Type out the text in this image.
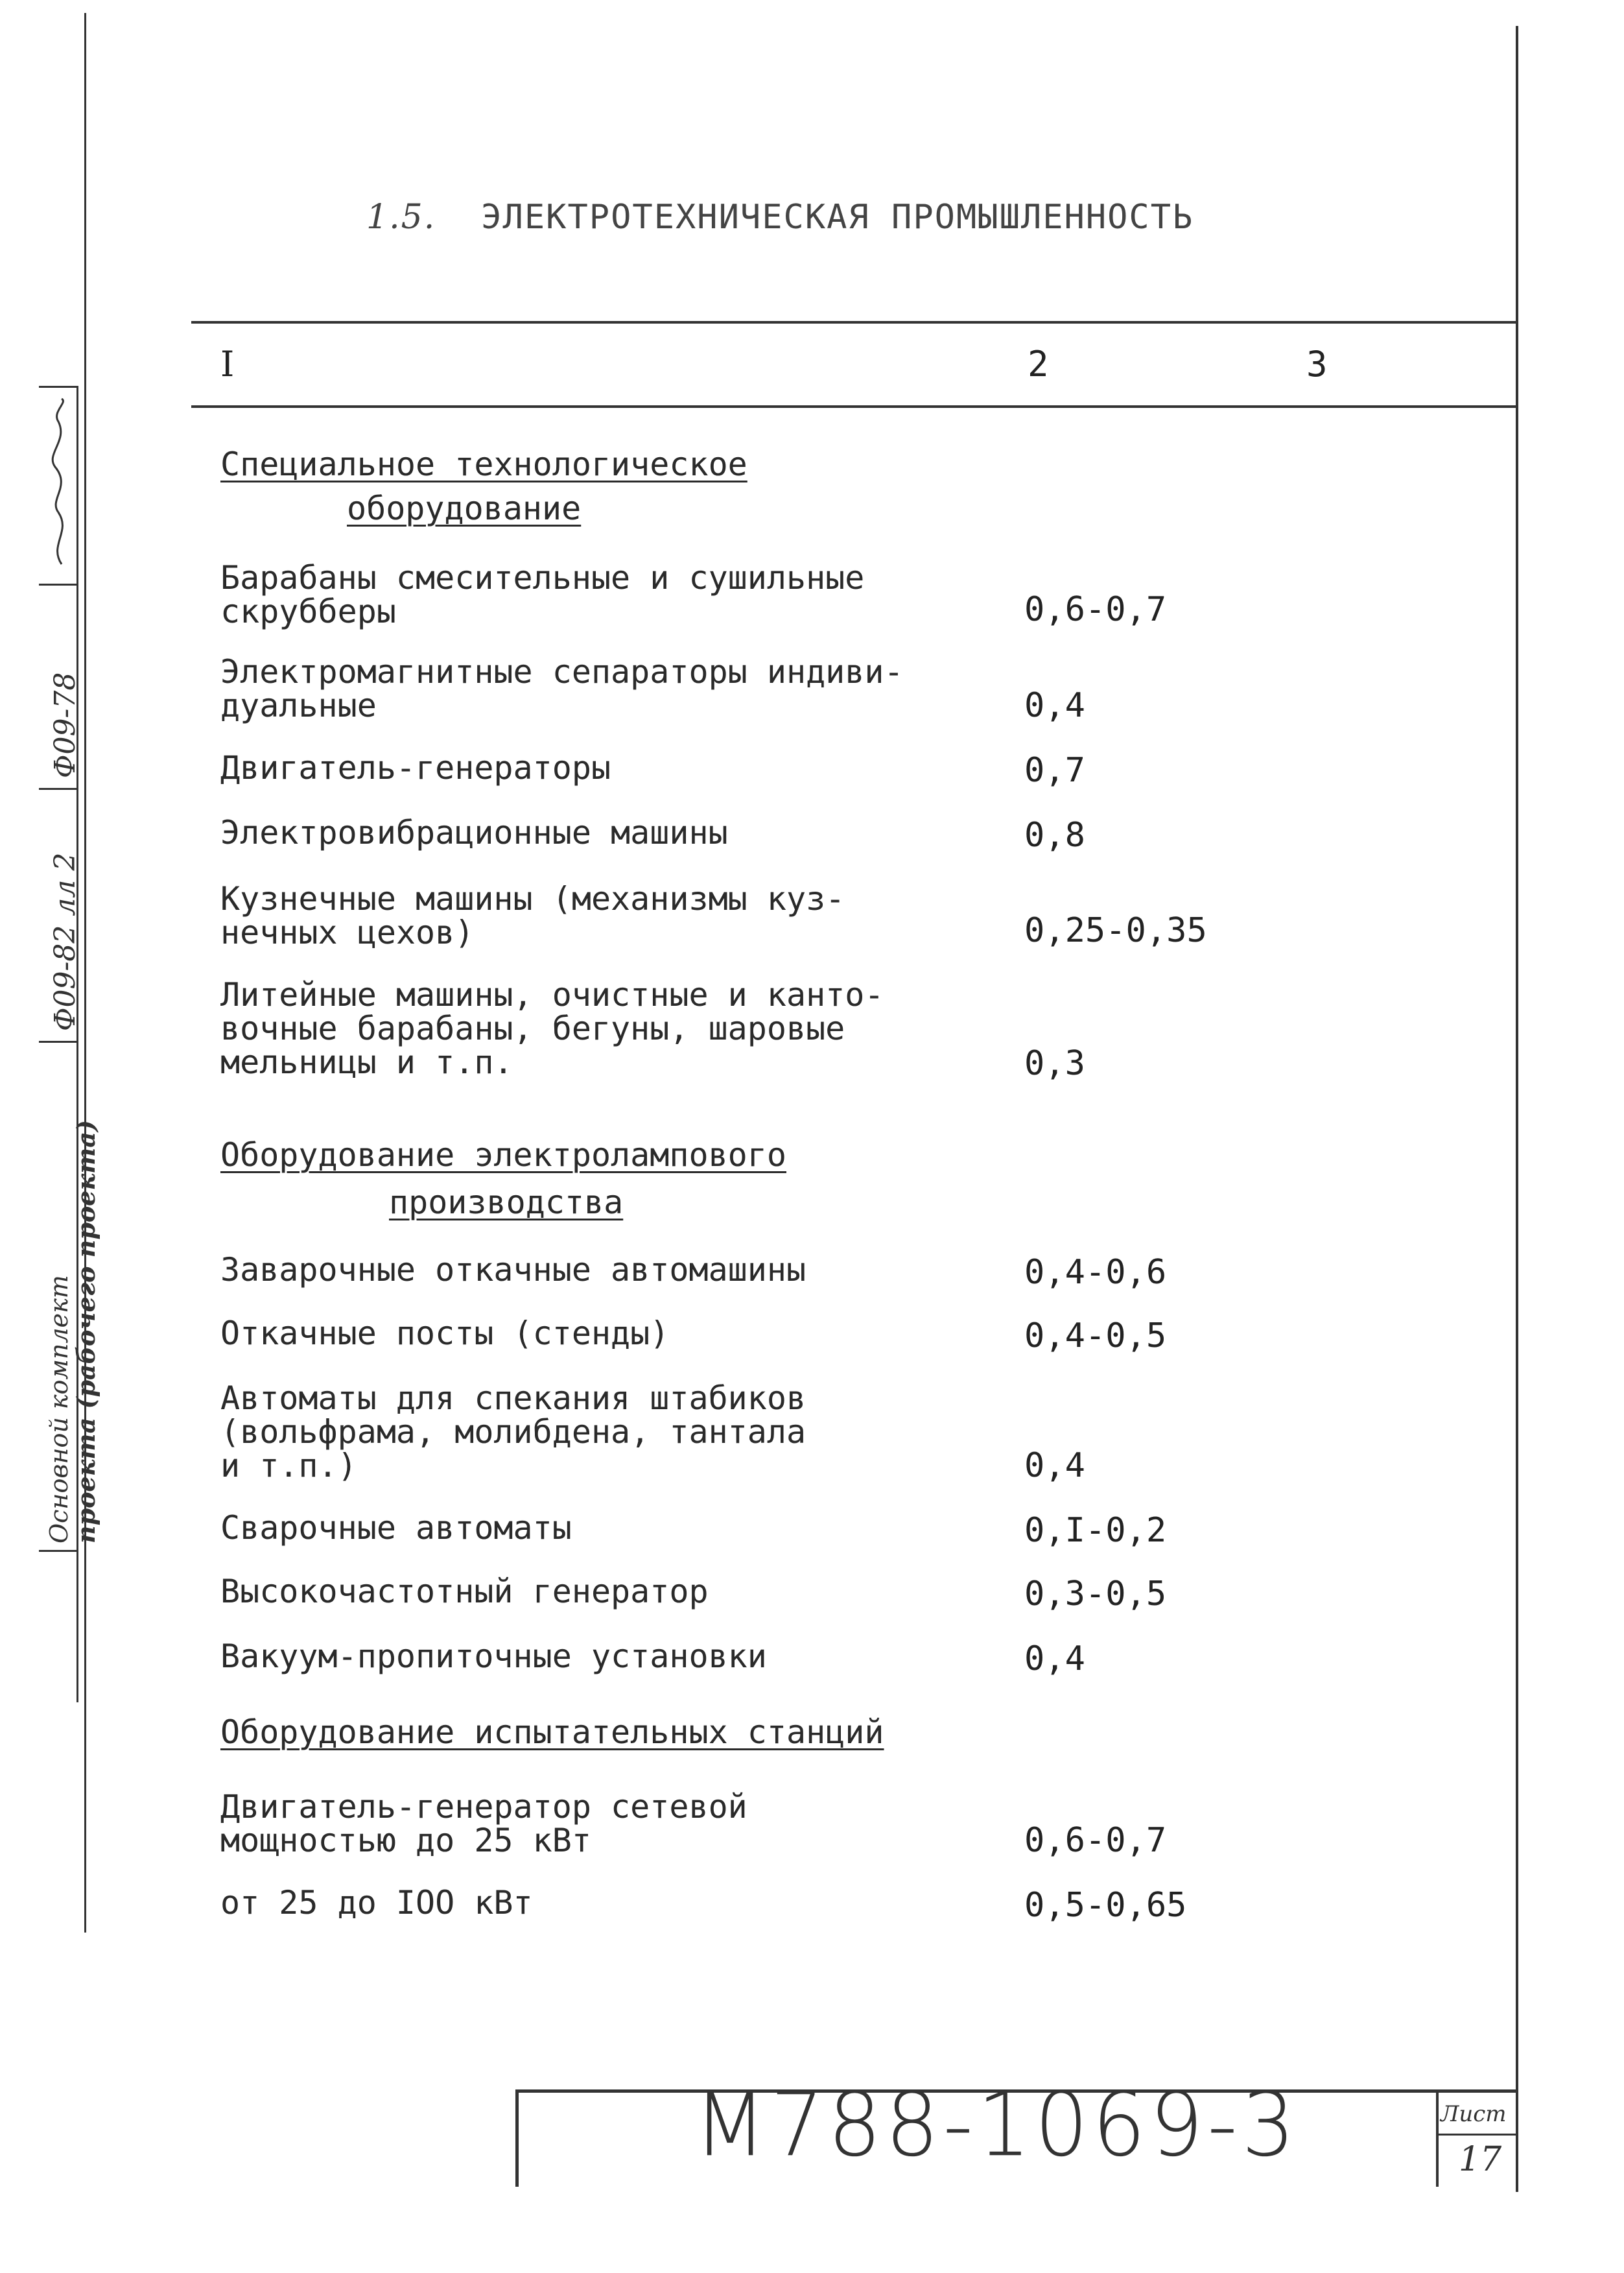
Основной комплект
проекта (рабочего проекта)
Ф09-82 лл 2
Ф09-78
1.5. ЭЛЕКТРОТЕХНИЧЕСКАЯ ПРОМЫШЛЕННОСТЬ
I	2	3
Специальное технологическое
оборудование
Барабаны смесительные и сушильные
скрубберы	0,6-0,7
Электромагнитные сепараторы индиви-
дуальные	0,4
Двигатель-генераторы	0,7
Электровибрационные машины	0,8
Кузнечные машины (механизмы куз-
нечных цехов)	0,25-0,35
Литейные машины, очистные и канто-
вочные барабаны, бегуны, шаровые
мельницы и т.п.	0,3
Оборудование электролампового
производства
Заварочные откачные автомашины	0,4-0,6
Откачные посты (стенды)	0,4-0,5
Автоматы для спекания штабиков
(вольфрама, молибдена, тантала
и т.п.)	0,4
Сварочные автоматы	0,I-0,2
Высокочастотный генератор	0,3-0,5
Вакуум-пропиточные установки	0,4
Оборудование испытательных станций
Двигатель-генератор сетевой
мощностью до 25 кВт	0,6-0,7
от 25 до IOO кВт	0,5-0,65
М788-1069-3	Лист
17
